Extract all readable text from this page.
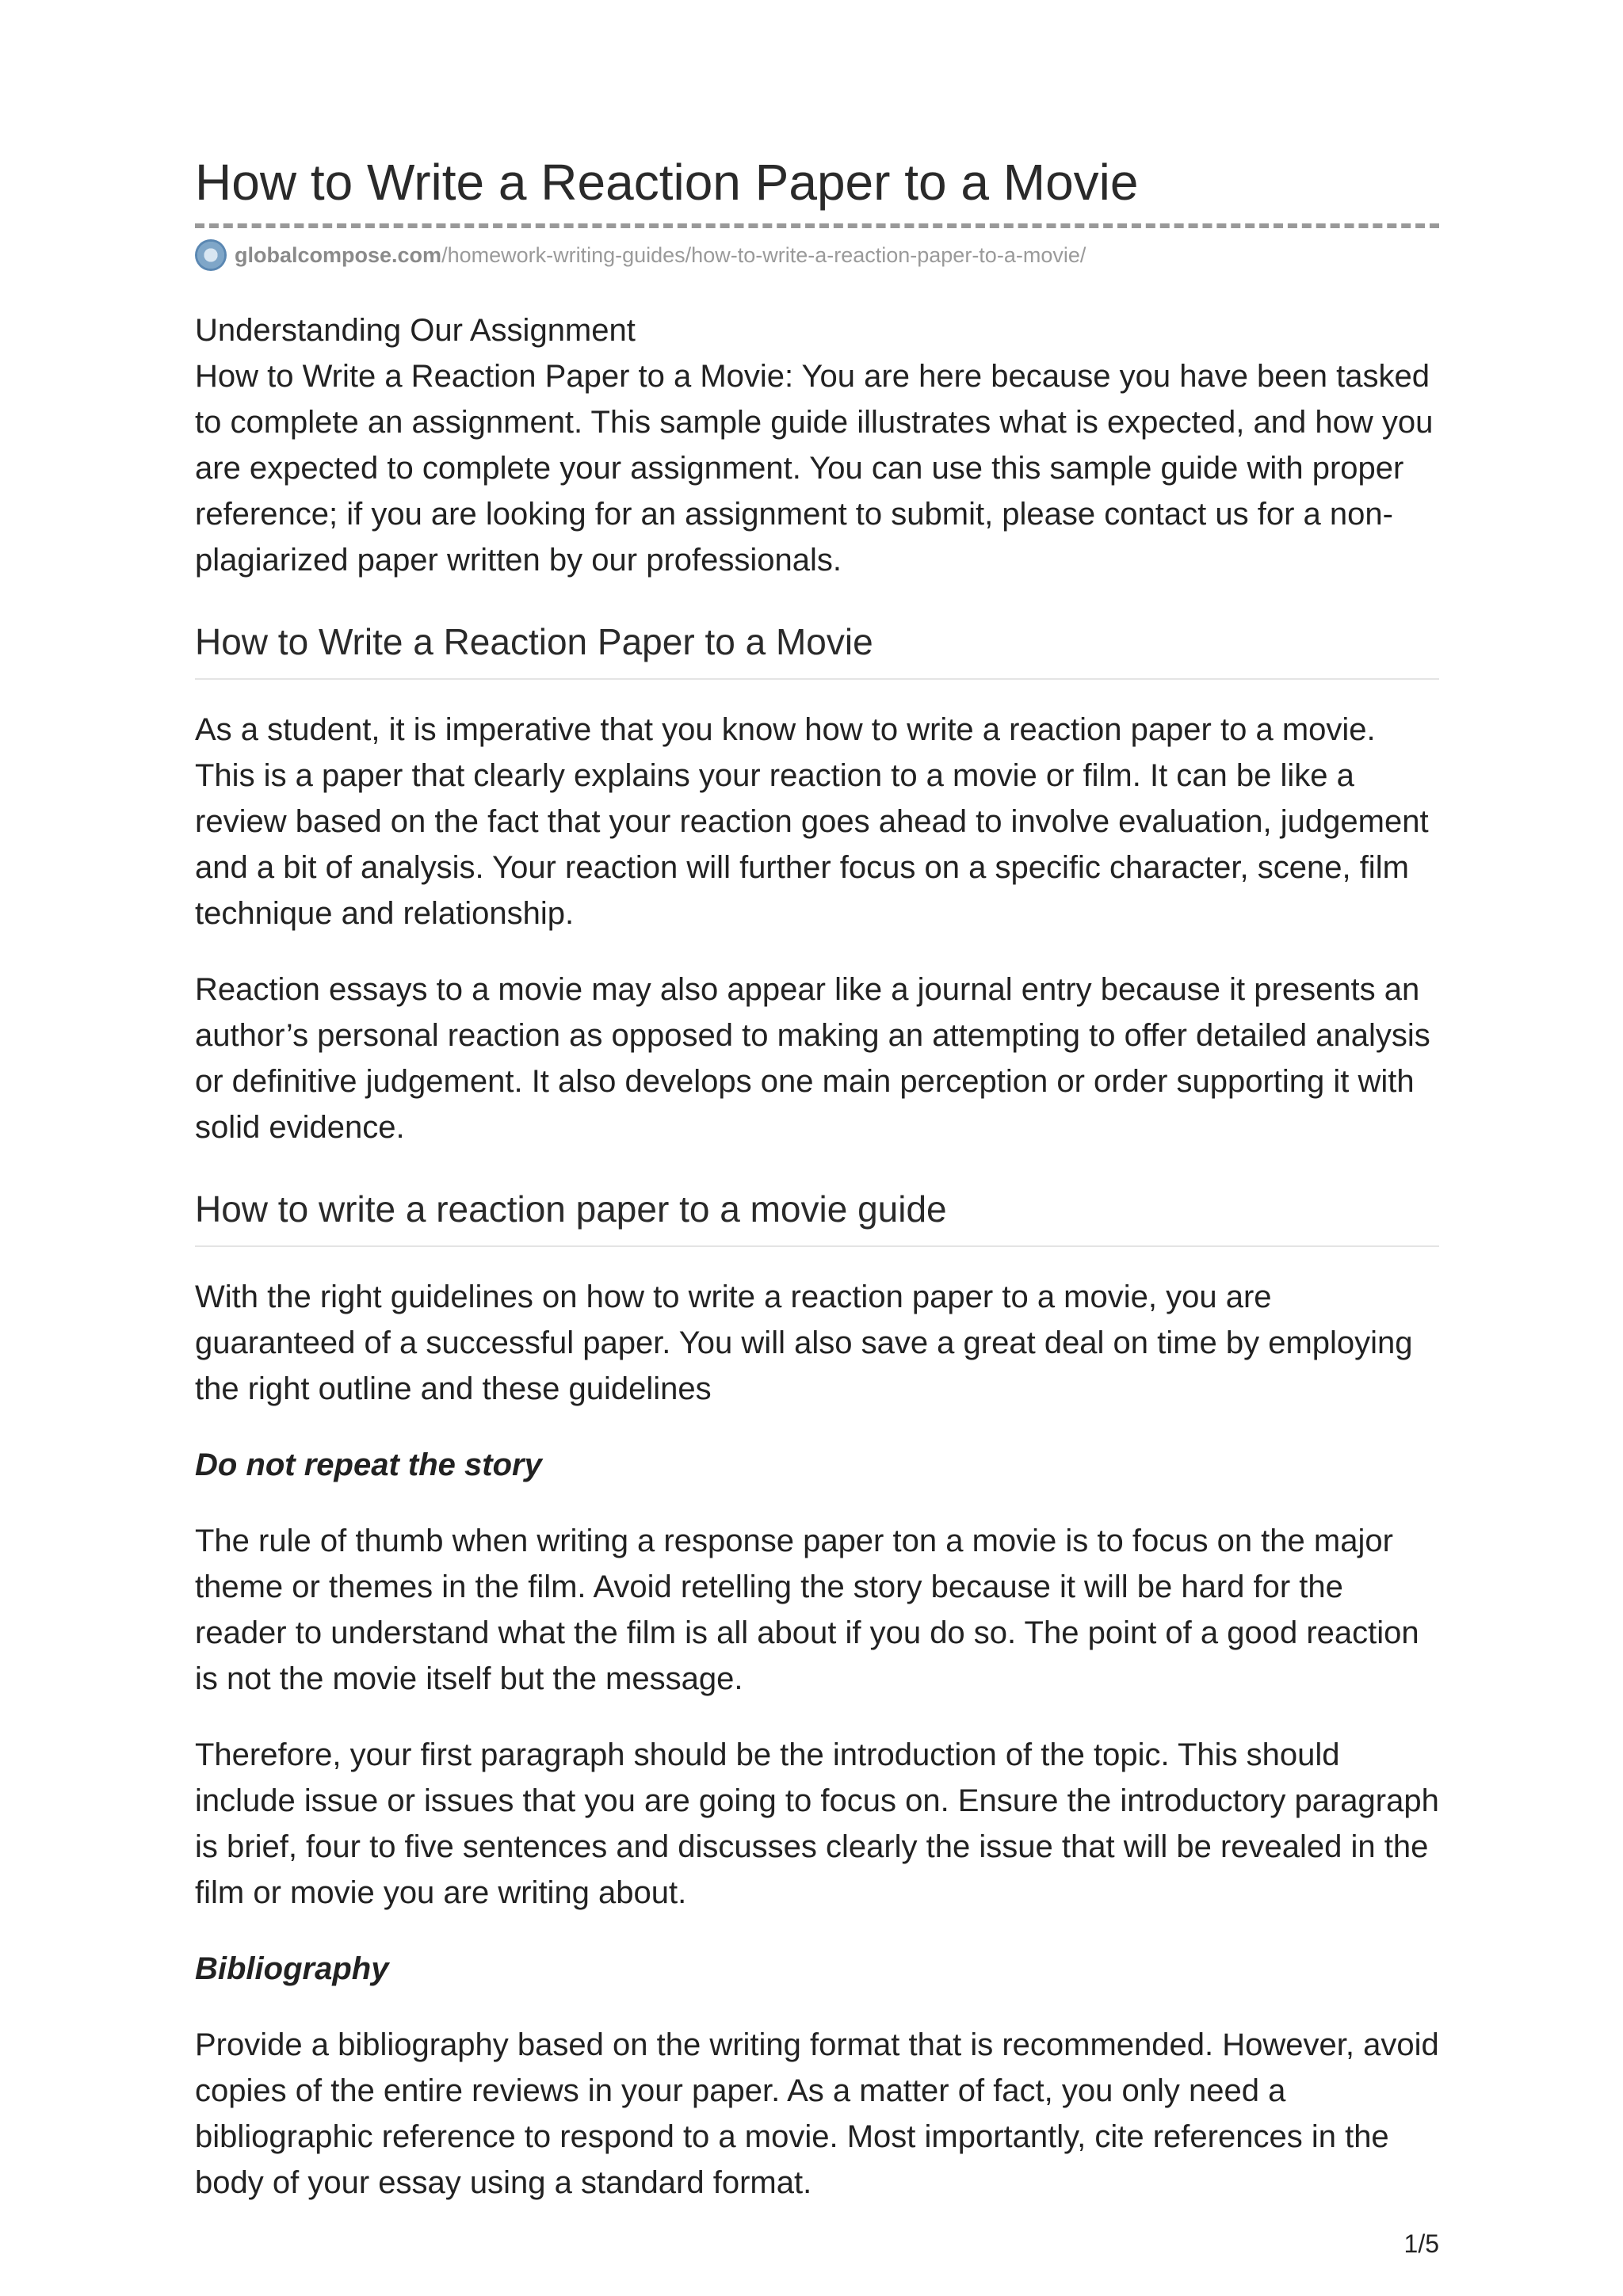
How to Write a Reaction Paper to a Movie
globalcompose.com /homework-writing-guides/how-to-write-a-reaction-paper-to-a-movie/

Understanding Our Assignment

How to Write a Reaction Paper to a Movie: You are here because you have been tasked to complete an assignment. This sample guide illustrates what is expected, and how you are expected to complete your assignment. You can use this sample guide with proper reference; if you are looking for an assignment to submit, please contact us for a non-plagiarized paper written by our professionals.

How to Write a Reaction Paper to a Movie

As a student, it is imperative that you know how to write a reaction paper to a movie. This is a paper that clearly explains your reaction to a movie or film. It can be like a review based on the fact that your reaction goes ahead to involve evaluation, judgement and a bit of analysis. Your reaction will further focus on a specific character, scene, film technique and relationship.

Reaction essays to a movie may also appear like a journal entry because it presents an author’s personal reaction as opposed to making an attempting to offer detailed analysis or definitive judgement. It also develops one main perception or order supporting it with solid evidence.

How to write a reaction paper to a movie guide

With the right guidelines on how to write a reaction paper to a movie, you are guaranteed of a successful paper. You will also save a great deal on time by employing the right outline and these guidelines

Do not repeat the story

The rule of thumb when writing a response paper ton a movie is to focus on the major theme or themes in the film. Avoid retelling the story because it will be hard for the reader to understand what the film is all about if you do so. The point of a good reaction is not the movie itself but the message.

Therefore, your first paragraph should be the introduction of the topic. This should include issue or issues that you are going to focus on. Ensure the introductory paragraph is brief, four to five sentences and discusses clearly the issue that will be revealed in the film or movie you are writing about.

Bibliography

Provide a bibliography based on the writing format that is recommended. However, avoid copies of the entire reviews in your paper. As a matter of fact, you only need a bibliographic reference to respond to a movie. Most importantly, cite references in the body of your essay using a standard format.

1/5
